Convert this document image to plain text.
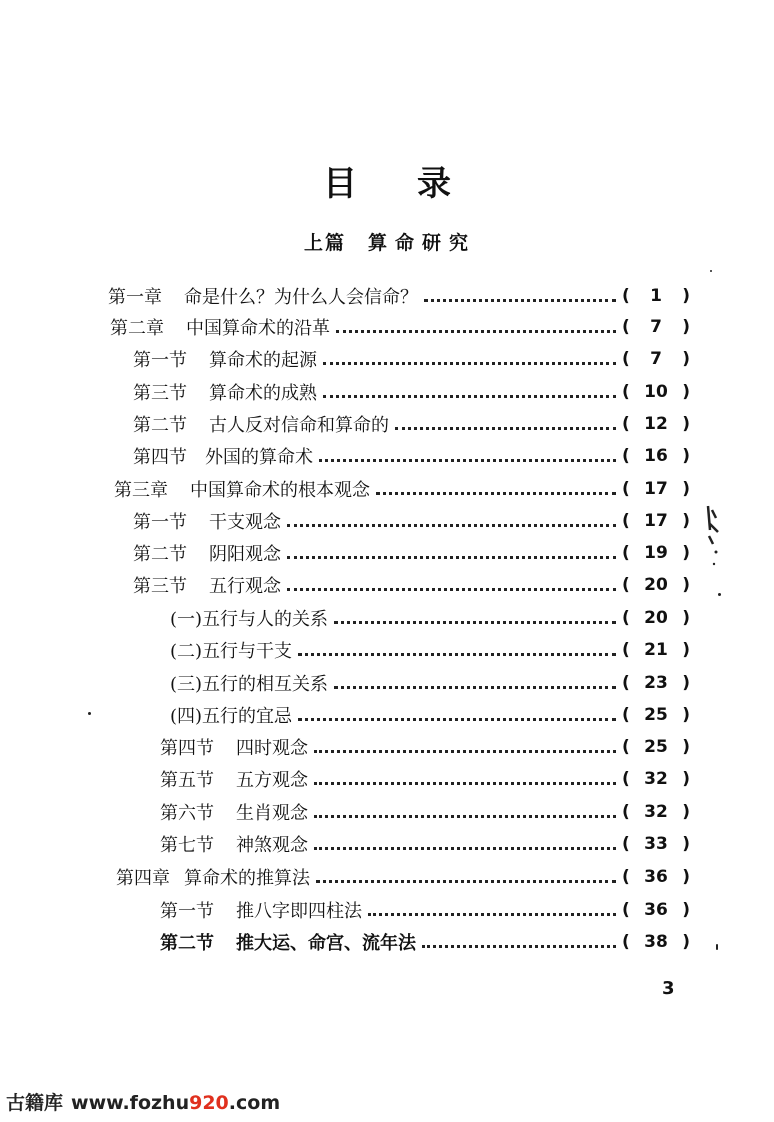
目 录
上篇 算命研究
第一章 命是什么？为什么人会信命？	(	1	)
第二章 中国算命术的沿革	(	7	)
第一节 算命术的起源	(	7	)
第三节 算命术的成熟	( 10 )
第二节 古人反对信命和算命的	( 12 )
第四节 外国的算命术	( 16 )
第三章 中国算命术的根本观念	( 17 )
第一节 干支观念	( 17 )
第二节 阴阳观念	( 19 )
第三节 五行观念	( 20 )
(一) 五行与人的关系	( 20 )
(二) 五行与干支	( 21 )
(三) 五行的相互关系	( 23 )
(四) 五行的宜忌	( 25 )
第四节 四时观念	( 25 )
第五节 五方观念	( 32 )
第六节 生肖观念	( 32 )
第七节 神煞观念	( 33 )
第四章 算命术的推算法	( 36 )
第一节 推八字即四柱法	( 36 )
第二节 推大运、命宫、流年法	( 38 )
3
古籍库 www.fozhu920.com
